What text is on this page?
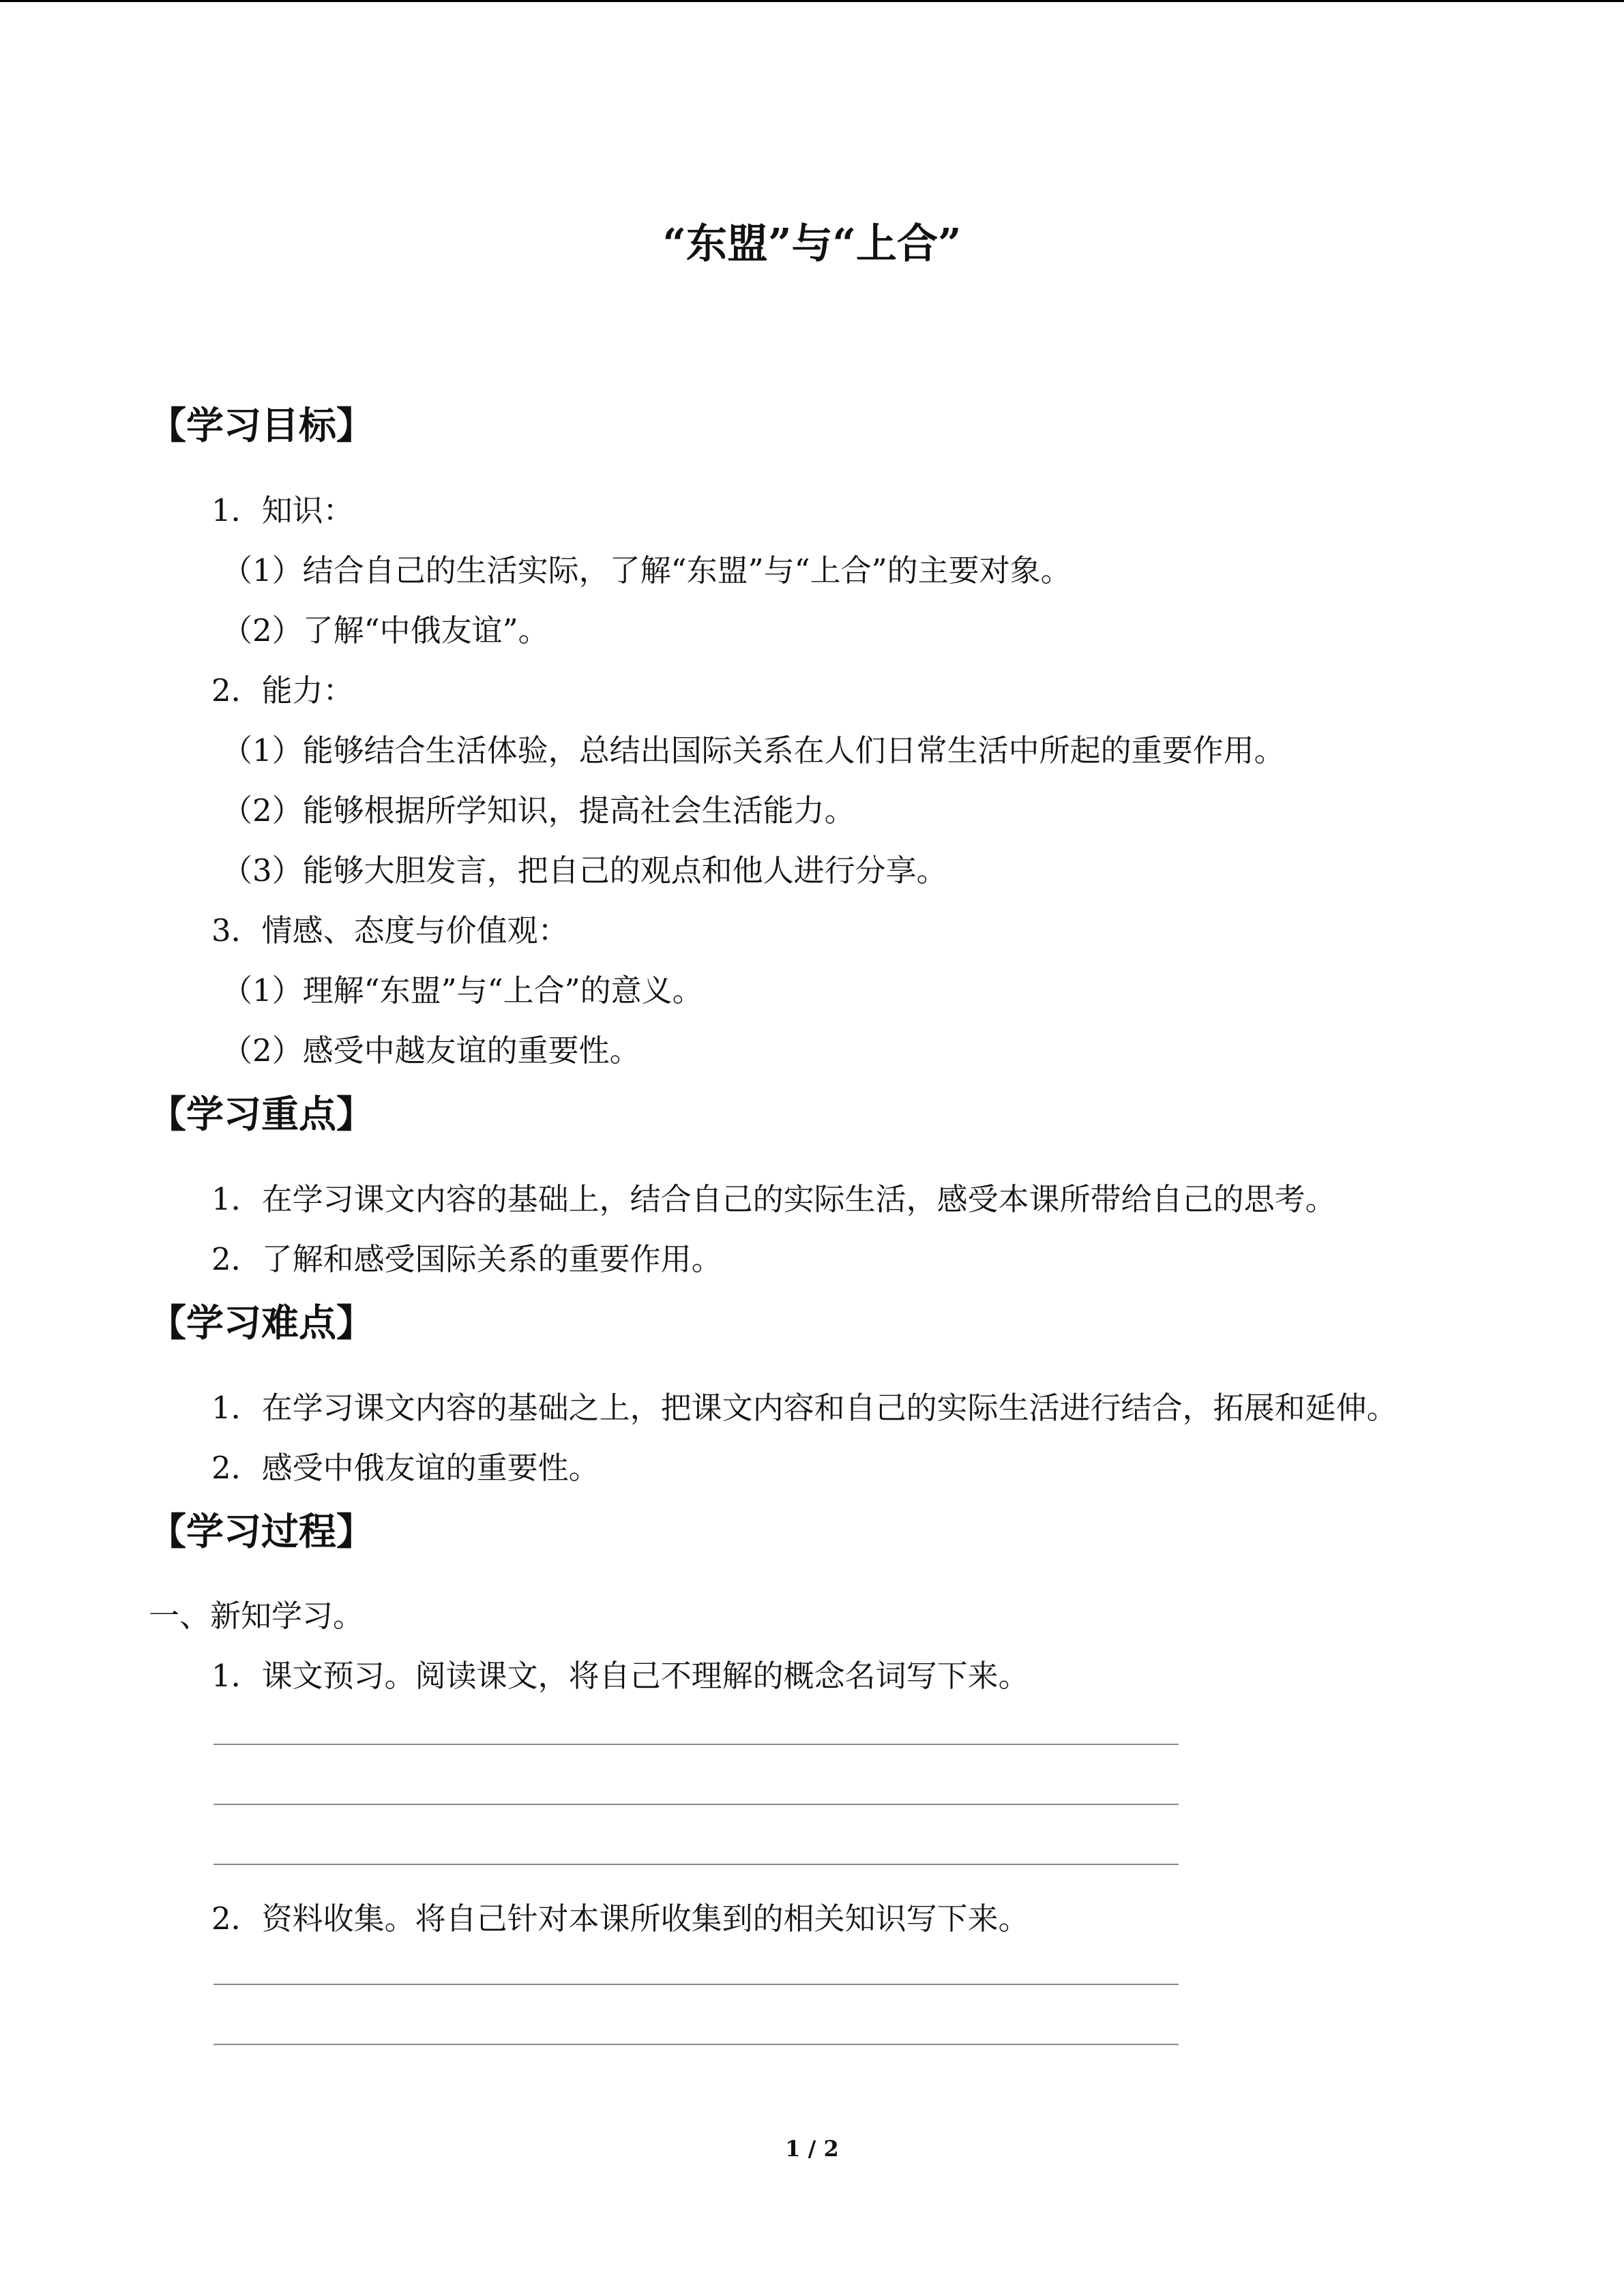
“东盟”与“上合”
【学习目标】
1．知识：
（1）结合自己的生活实际，了解“东盟”与“上合”的主要对象。
（2）了解“中俄友谊”。
2．能力：
（1）能够结合生活体验，总结出国际关系在人们日常生活中所起的重要作用。
（2）能够根据所学知识，提高社会生活能力。
（3）能够大胆发言，把自己的观点和他人进行分享。
3．情感、态度与价值观：
（1）理解“东盟”与“上合”的意义。
（2）感受中越友谊的重要性。
【学习重点】
1．在学习课文内容的基础上，结合自己的实际生活，感受本课所带给自己的思考。
2．了解和感受国际关系的重要作用。
【学习难点】
1．在学习课文内容的基础之上，把课文内容和自己的实际生活进行结合，拓展和延伸。
2．感受中俄友谊的重要性。
【学习过程】
一、新知学习。
1．课文预习。阅读课文，将自己不理解的概念名词写下来。
2．资料收集。将自己针对本课所收集到的相关知识写下来。
1 / 2
